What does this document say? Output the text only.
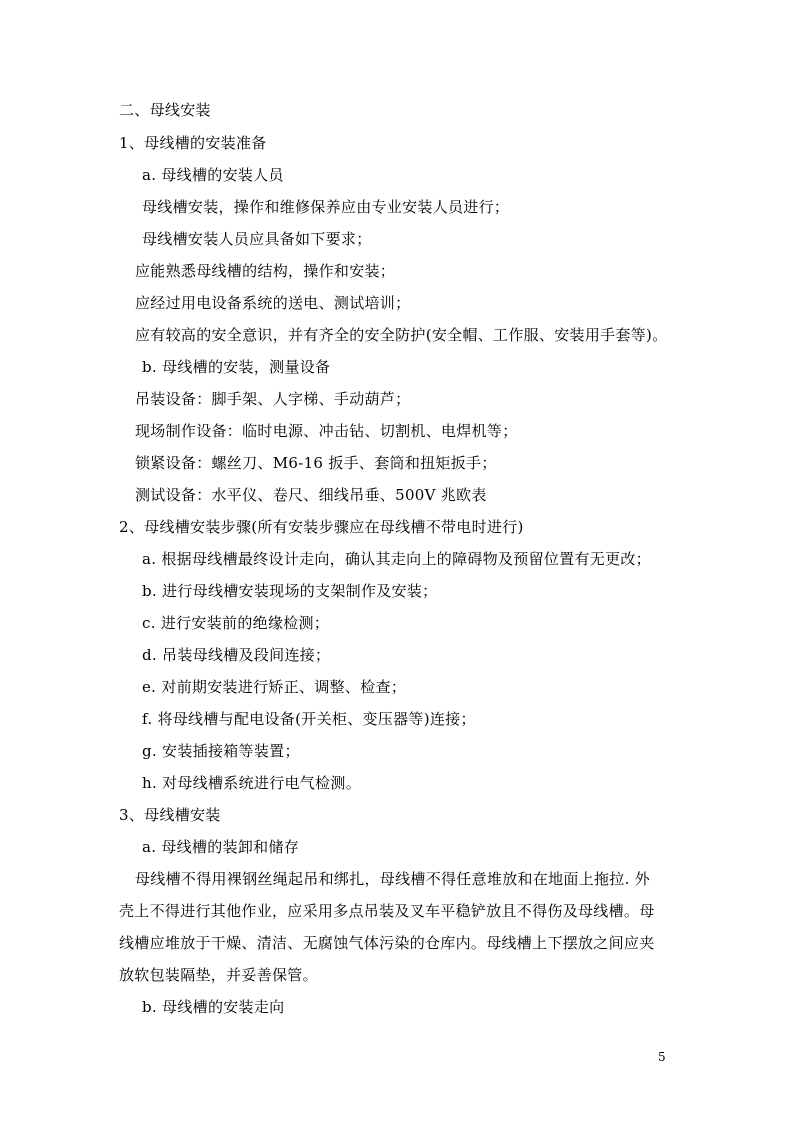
二、母线安装
1、母线槽的安装准备
a. 母线槽的安装人员
母线槽安装，操作和维修保养应由专业安装人员进行；
母线槽安装人员应具备如下要求；
应能熟悉母线槽的结构，操作和安装；
应经过用电设备系统的送电、测试培训；
应有较高的安全意识，并有齐全的安全防护(安全帽、工作服、安装用手套等)。
b. 母线槽的安装，测量设备
吊装设备：脚手架、人字梯、手动葫芦；
现场制作设备：临时电源、冲击钻、切割机、电焊机等；
锁紧设备：螺丝刀、M6-16 扳手、套筒和扭矩扳手；
测试设备：水平仪、卷尺、细线吊垂、500V 兆欧表
2、母线槽安装步骤(所有安装步骤应在母线槽不带电时进行)
a. 根据母线槽最终设计走向，确认其走向上的障碍物及预留位置有无更改；
b. 进行母线槽安装现场的支架制作及安装；
c. 进行安装前的绝缘检测；
d. 吊装母线槽及段间连接；
e. 对前期安装进行矫正、调整、检查；
f. 将母线槽与配电设备(开关柜、变压器等)连接；
g. 安装插接箱等装置；
h. 对母线槽系统进行电气检测。
3、母线槽安装
a. 母线槽的装卸和储存
母线槽不得用裸钢丝绳起吊和绑扎，母线槽不得任意堆放和在地面上拖拉. 外
壳上不得进行其他作业，应采用多点吊装及叉车平稳铲放且不得伤及母线槽。母
线槽应堆放于干燥、清洁、无腐蚀气体污染的仓库内。母线槽上下摆放之间应夹
放软包装隔垫，并妥善保管。
b. 母线槽的安装走向
5
